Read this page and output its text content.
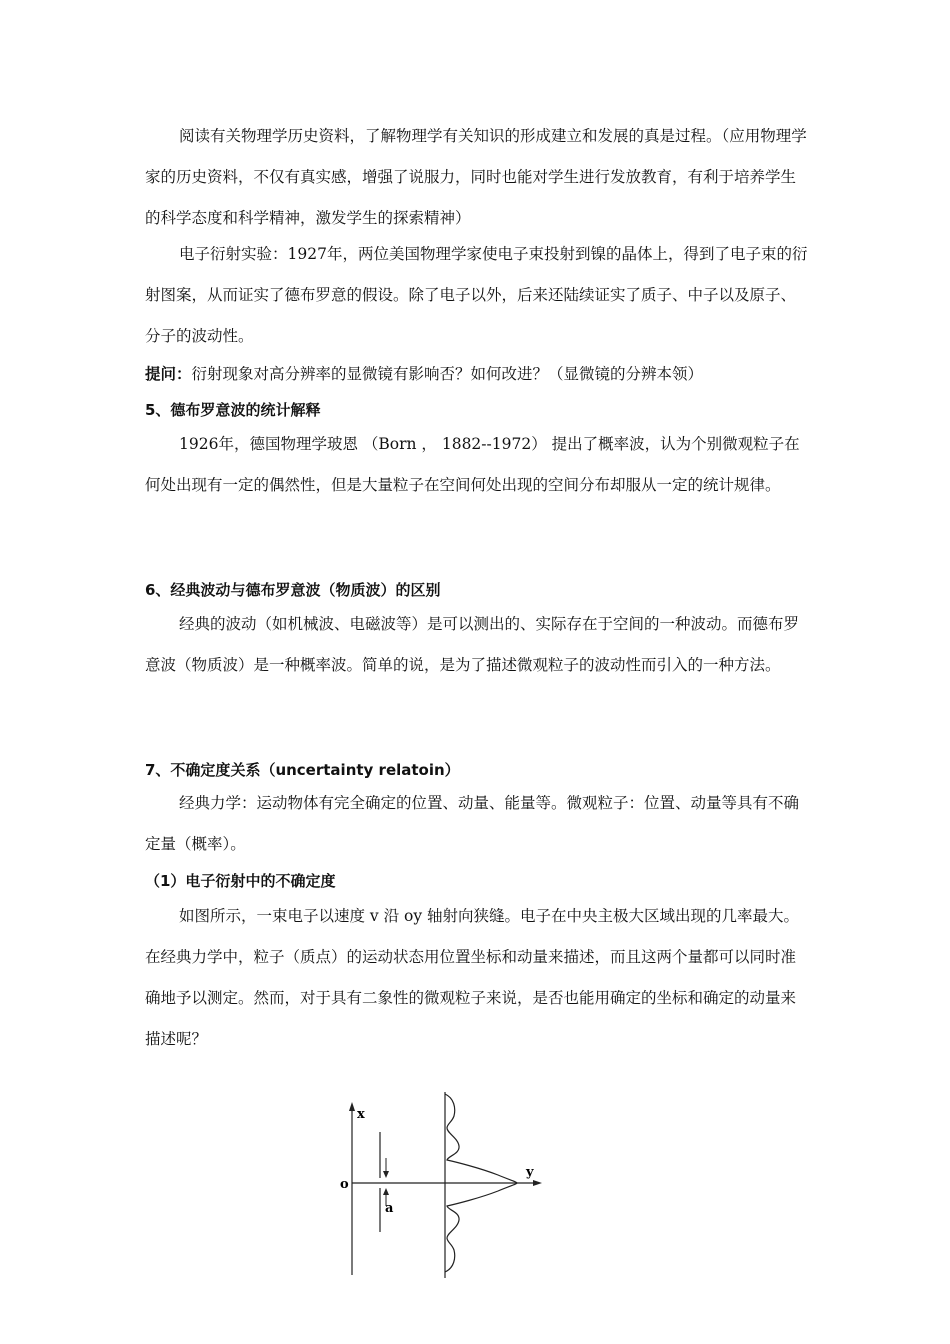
阅读有关物理学历史资料，了解物理学有关知识的形成建立和发展的真是过程。（应用物理学家的历史资料，不仅有真实感，增强了说服力，同时也能对学生进行发放教育，有利于培养学生的科学态度和科学精神，激发学生的探索精神）

电子衍射实验：1927年，两位美国物理学家使电子束投射到镍的晶体上，得到了电子束的衍射图案，从而证实了德布罗意的假设。除了电子以外，后来还陆续证实了质子、中子以及原子、分子的波动性。

提问：衍射现象对高分辨率的显微镜有影响否？如何改进？（显微镜的分辨本领）

5、德布罗意波的统计解释

1926年，德国物理学玻恩 （Born ， 1882--1972） 提出了概率波，认为个别微观粒子在何处出现有一定的偶然性，但是大量粒子在空间何处出现的空间分布却服从一定的统计规律。

6、经典波动与德布罗意波（物质波）的区别

经典的波动（如机械波、电磁波等）是可以测出的、实际存在于空间的一种波动。而德布罗意波（物质波）是一种概率波。简单的说，是为了描述微观粒子的波动性而引入的一种方法。

7、不确定度关系（uncertainty relatoin）

经典力学：运动物体有完全确定的位置、动量、能量等。微观粒子：位置、动量等具有不确定量（概率）。

（1）电子衍射中的不确定度

如图所示，一束电子以速度 v 沿 oy 轴射向狭缝。电子在中央主极大区域出现的几率最大。在经典力学中，粒子（质点）的运动状态用位置坐标和动量来描述，而且这两个量都可以同时准确地予以测定。然而，对于具有二象性的微观粒子来说，是否也能用确定的坐标和确定的动量来描述呢？

x
y
o
a
